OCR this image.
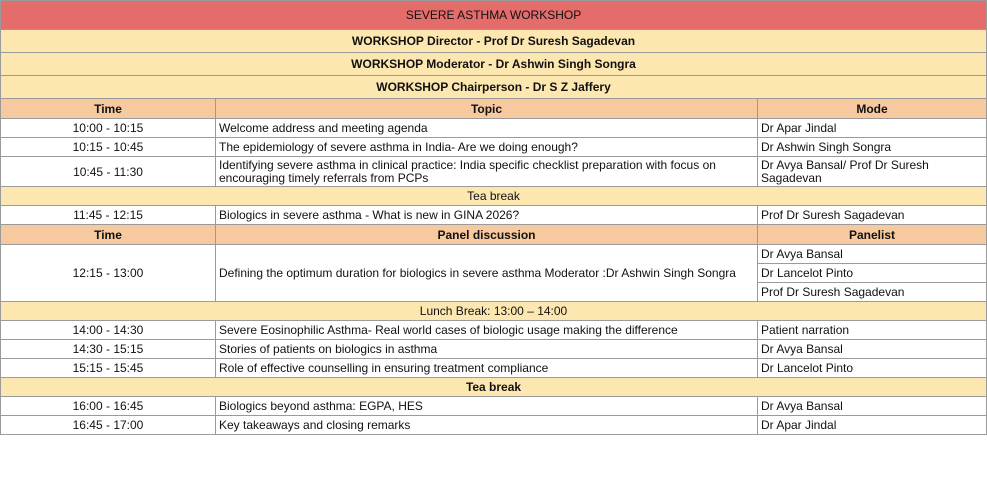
SEVERE ASTHMA WORKSHOP		
WORKSHOP Director - Prof Dr Suresh Sagadevan		
WORKSHOP Moderator - Dr Ashwin Singh Songra		
WORKSHOP Chairperson - Dr S Z Jaffery		
Time	Topic	Mode
10:00 - 10:15	Welcome address and meeting agenda	Dr Apar Jindal
10:15 - 10:45	The epidemiology of severe asthma in India- Are we doing enough?	Dr Ashwin Singh Songra
10:45 - 11:30	Identifying severe asthma in clinical practice: India specific checklist preparation with focus on encouraging timely referrals from PCPs	Dr Avya Bansal/ Prof Dr Suresh Sagadevan
Tea break		
11:45 - 12:15	Biologics in severe asthma - What is new in GINA 2026?	Prof Dr Suresh Sagadevan
Time	Panel discussion	Panelist
12:15 - 13:00	Defining the optimum duration for biologics in severe asthma Moderator :Dr Ashwin Singh Songra	Dr Avya Bansal
		Dr Lancelot Pinto
		Prof Dr Suresh Sagadevan
Lunch Break: 13:00 – 14:00		
14:00 - 14:30	Severe Eosinophilic Asthma- Real world cases of biologic usage making the difference	Patient narration
14:30 - 15:15	Stories of patients on biologics in asthma	Dr Avya Bansal
15:15 - 15:45	Role of effective counselling in ensuring treatment compliance	Dr Lancelot Pinto
Tea break		
16:00 - 16:45	Biologics beyond asthma: EGPA, HES	Dr Avya Bansal
16:45 - 17:00	Key takeaways and closing remarks	Dr Apar Jindal
